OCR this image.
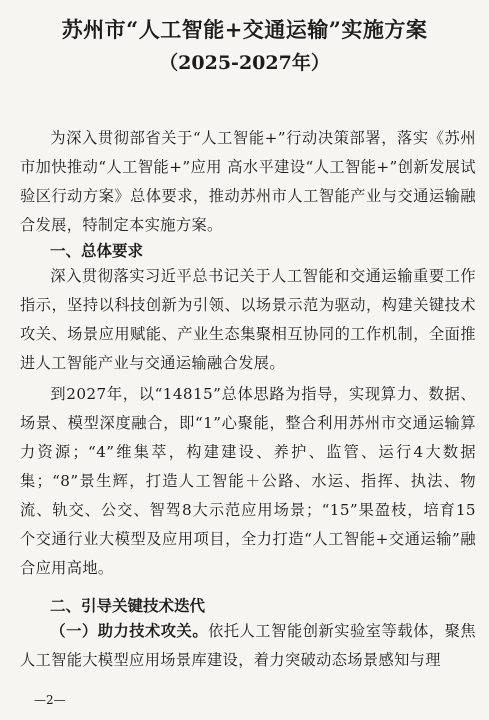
苏州市“人工智能+交通运输”实施方案
（2025-2027年）

为深入贯彻部省关于“人工智能+”行动决策部署，落实《苏州市加快推动“人工智能+”应用 高水平建设“人工智能+”创新发展试验区行动方案》总体要求，推动苏州市人工智能产业与交通运输融合发展，特制定本实施方案。

一、总体要求

深入贯彻落实习近平总书记关于人工智能和交通运输重要工作指示，坚持以科技创新为引领、以场景示范为驱动，构建关键技术攻关、场景应用赋能、产业生态集聚相互协同的工作机制，全面推进人工智能产业与交通运输融合发展。

到2027年，以“14815”总体思路为指导，实现算力、数据、场景、模型深度融合，即“1”心聚能，整合利用苏州市交通运输算力资源；“4”维集萃，构建建设、养护、监管、运行4大数据集；“8”景生辉，打造人工智能＋公路、水运、指挥、执法、物流、轨交、公交、智驾8大示范应用场景；“15”果盈枝，培育15个交通行业大模型及应用项目，全力打造“人工智能+交通运输”融合应用高地。

二、引导关键技术迭代

（一）助力技术攻关。依托人工智能创新实验室等载体，聚焦人工智能大模型应用场景库建设，着力突破动态场景感知与理

—2—
